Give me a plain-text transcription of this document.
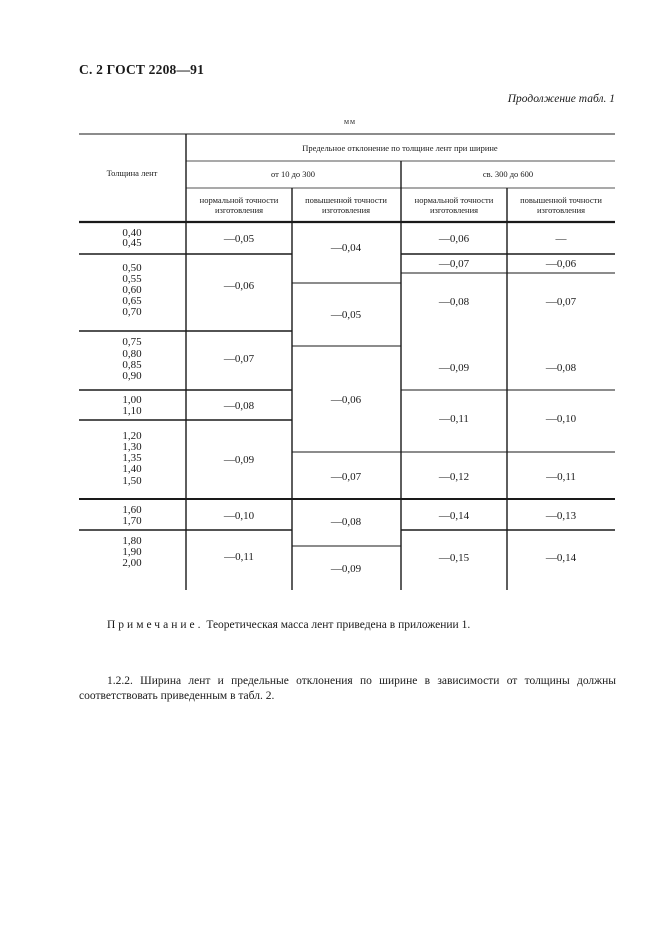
С. 2 ГОСТ 2208—91
Продолжение табл. 1
мм
Предельное отклонение по толщине лент при ширине
от 10 до 300	св. 300 до 600
Толщина лент
нормальной точности
изготовления
повышенной точности
изготовления
нормальной точности
изготовления
повышенной точности
изготовления
0,40
0,45
0,50
0,55
0,60
0,65
0,70
0,75
0,80
0,85
0,90
1,00
1,10
1,20
1,30
1,35
1,40
1,50
1,60
1,70
1,80
1,90
2,00
—0,05
—0,06
—0,07
—0,08
—0,09
—0,10
—0,11
—0,04
—0,05
—0,06
—0,07
—0,08
—0,09
—0,06
—0,07
—0,08
—0,09
—0,11
—0,12
—0,14
—0,15
—
—0,06
—0,07
—0,08
—0,10
—0,11
—0,13
—0,14
Примечание. Теоретическая масса лент приведена в приложении 1.
1.2.2. Ширина лент и предельные отклонения по ширине в зависимости от толщины должны соответствовать приведенным в табл. 2.
